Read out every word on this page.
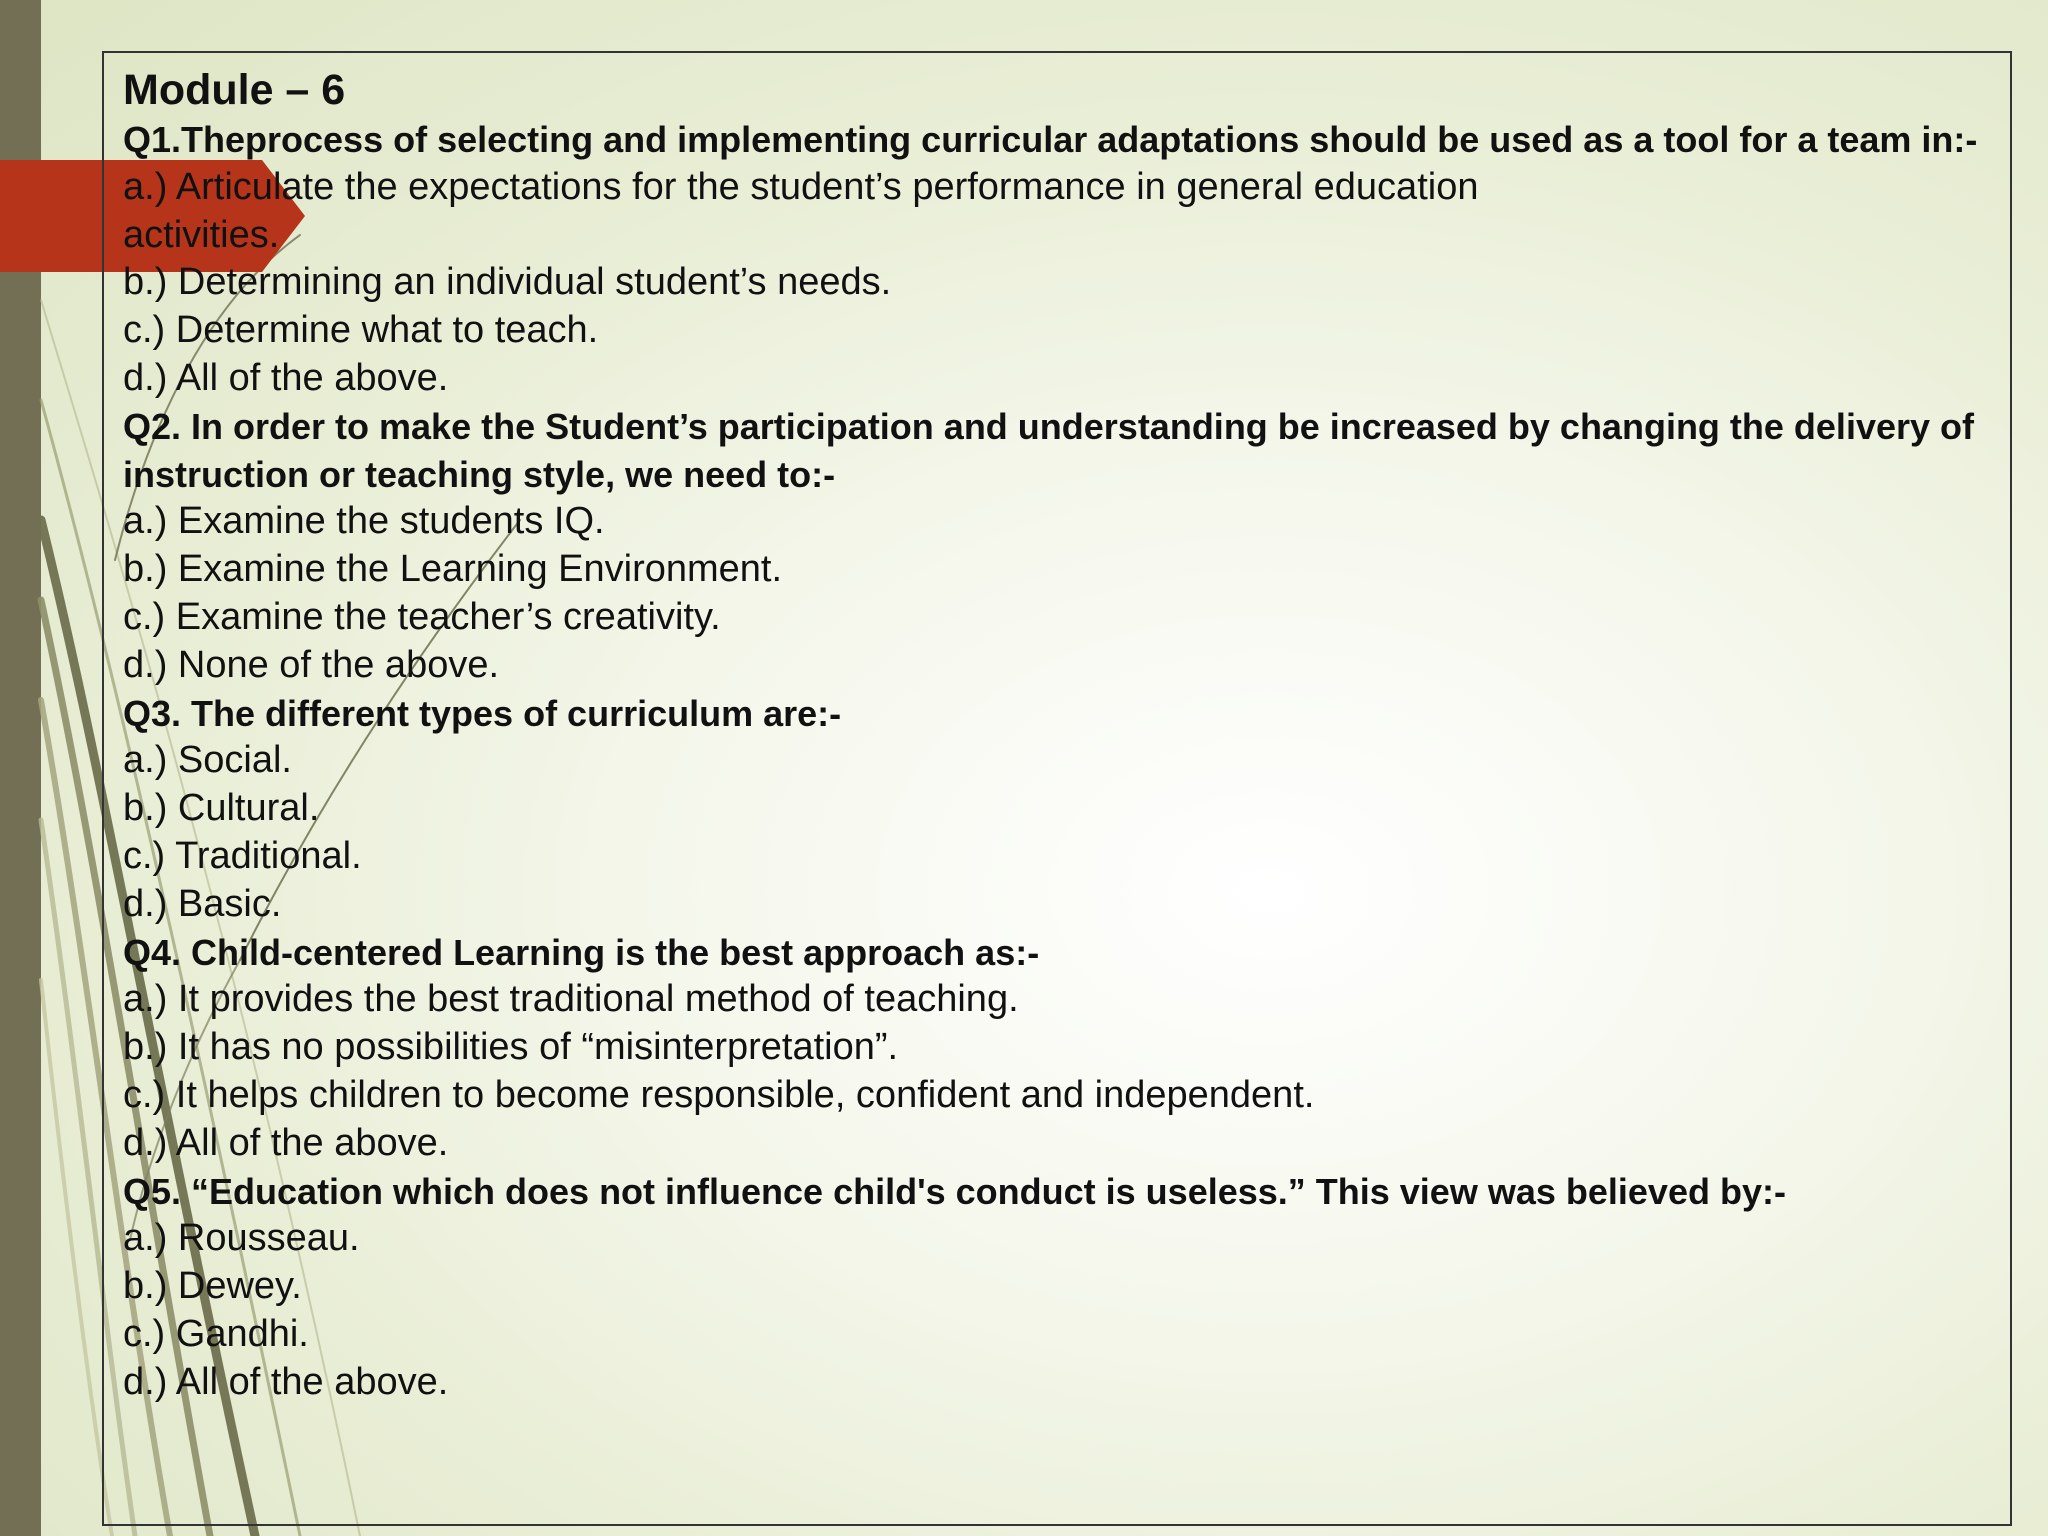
Module – 6
Q1.Theprocess of selecting and implementing curricular adaptations should be used as a tool for a team in:-
a.) Articulate the expectations for the student’s performance in general education
activities.
b.) Determining an individual student’s needs.
c.) Determine what to teach.
d.) All of the above.
Q2. In order to make the Student’s participation and understanding be increased by changing the delivery of instruction or teaching style, we need to:-
a.) Examine the students IQ.
b.) Examine the Learning Environment.
c.) Examine the teacher’s creativity.
d.) None of the above.
Q3. The different types of curriculum are:-
a.) Social.
b.) Cultural.
c.) Traditional.
d.) Basic.
Q4. Child-centered Learning is the best approach as:-
a.) It provides the best traditional method of teaching.
b.) It has no possibilities of “misinterpretation”.
c.) It helps children to become responsible, confident and independent.
d.) All of the above.
Q5. “Education which does not influence child's conduct is useless.” This view was believed by:-
a.) Rousseau.
b.) Dewey.
c.) Gandhi.
d.) All of the above.
